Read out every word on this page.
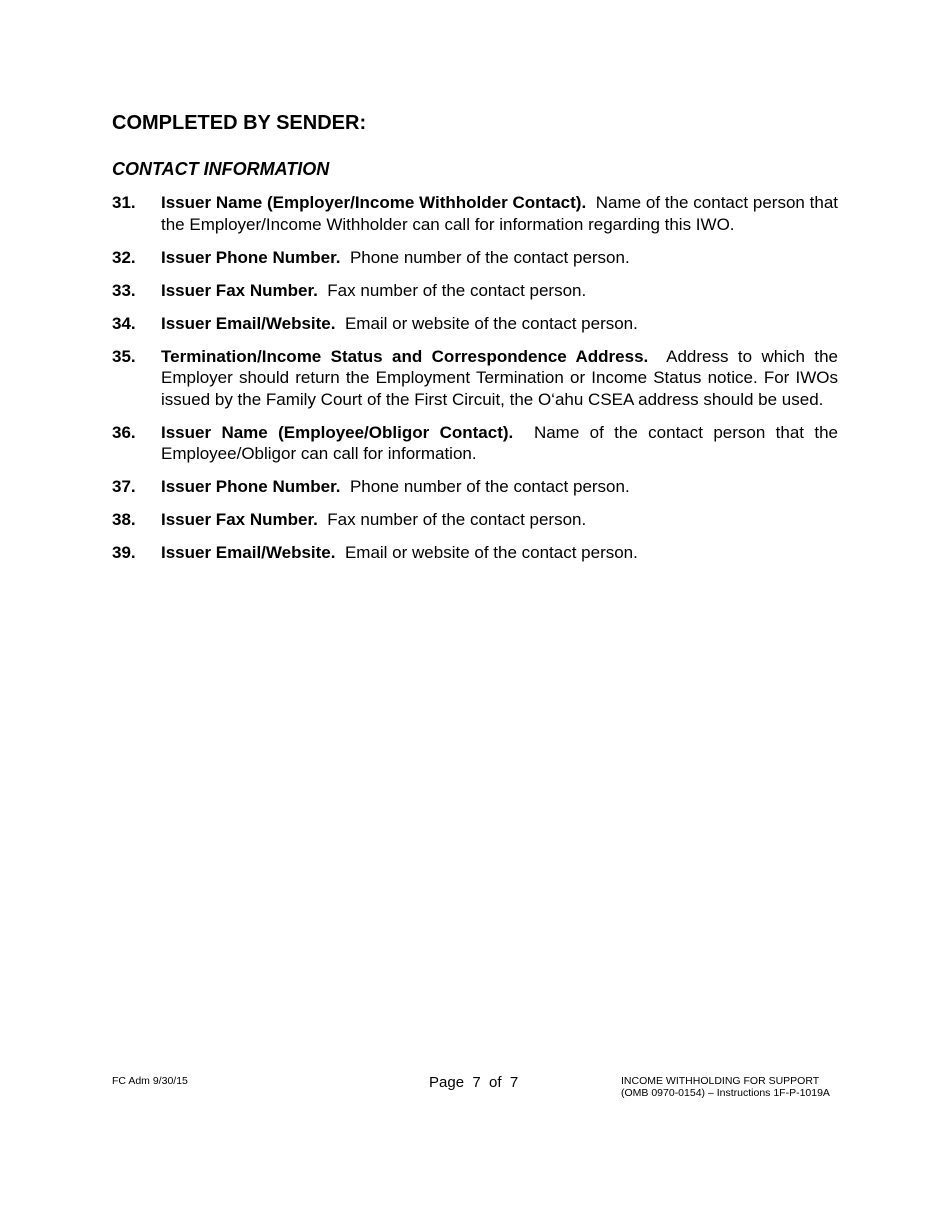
COMPLETED BY SENDER:
CONTACT INFORMATION
31.	Issuer Name (Employer/Income Withholder Contact). Name of the contact person that the Employer/Income Withholder can call for information regarding this IWO.
32.	Issuer Phone Number. Phone number of the contact person.
33.	Issuer Fax Number. Fax number of the contact person.
34.	Issuer Email/Website. Email or website of the contact person.
35.	Termination/Income Status and Correspondence Address. Address to which the Employer should return the Employment Termination or Income Status notice. For IWOs issued by the Family Court of the First Circuit, the O‘ahu CSEA address should be used.
36.	Issuer Name (Employee/Obligor Contact). Name of the contact person that the Employee/Obligor can call for information.
37.	Issuer Phone Number. Phone number of the contact person.
38.	Issuer Fax Number. Fax number of the contact person.
39.	Issuer Email/Website. Email or website of the contact person.
FC Adm 9/30/15	Page  7  of  7	INCOME WITHHOLDING FOR SUPPORT
(OMB 0970-0154) – Instructions 1F-P-1019A
